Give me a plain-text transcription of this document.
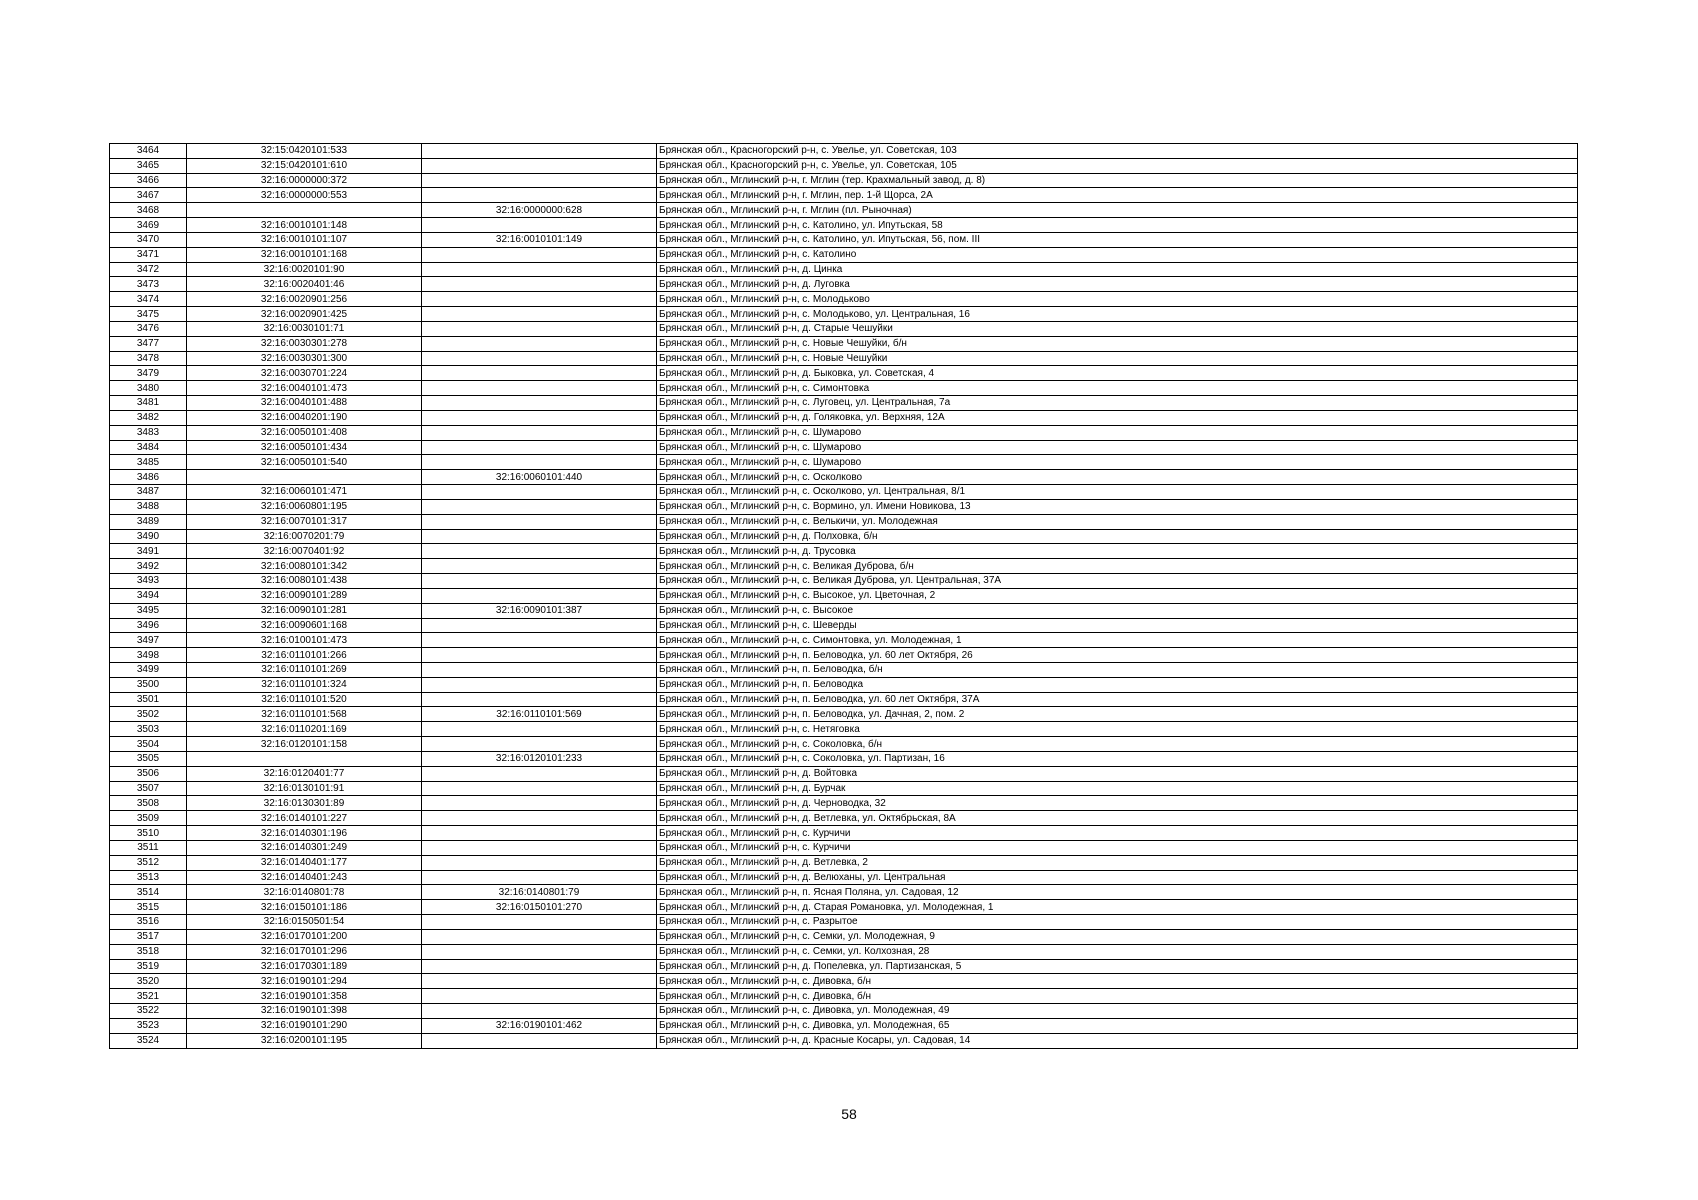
3464	32:15:0420101:533		Брянская обл., Красногорский р-н, с. Увелье, ул. Советская, 103
3465	32:15:0420101:610		Брянская обл., Красногорский р-н, с. Увелье, ул. Советская, 105
3466	32:16:0000000:372		Брянская обл., Мглинский р-н, г. Мглин (тер. Крахмальный завод, д. 8)
3467	32:16:0000000:553		Брянская обл., Мглинский р-н, г. Мглин, пер. 1-й Щорса, 2А
3468		32:16:0000000:628	Брянская обл., Мглинский р-н, г. Мглин (пл. Рыночная)
3469	32:16:0010101:148		Брянская обл., Мглинский р-н, с. Католино, ул. Ипутьская, 58
3470	32:16:0010101:107	32:16:0010101:149	Брянская обл., Мглинский р-н, с. Католино, ул. Ипутьская, 56, пом. III
3471	32:16:0010101:168		Брянская обл., Мглинский р-н, с. Католино
3472	32:16:0020101:90		Брянская обл., Мглинский р-н, д. Цинка
3473	32:16:0020401:46		Брянская обл., Мглинский р-н, д. Луговка
3474	32:16:0020901:256		Брянская обл., Мглинский р-н, с. Молодьково
3475	32:16:0020901:425		Брянская обл., Мглинский р-н, с. Молодьково, ул. Центральная, 16
3476	32:16:0030101:71		Брянская обл., Мглинский р-н, д. Старые Чешуйки
3477	32:16:0030301:278		Брянская обл., Мглинский р-н, с. Новые Чешуйки, б/н
3478	32:16:0030301:300		Брянская обл., Мглинский р-н, с. Новые Чешуйки
3479	32:16:0030701:224		Брянская обл., Мглинский р-н, д. Быковка, ул. Советская, 4
3480	32:16:0040101:473		Брянская обл., Мглинский р-н, с. Симонтовка
3481	32:16:0040101:488		Брянская обл., Мглинский р-н, с. Луговец, ул. Центральная, 7а
3482	32:16:0040201:190		Брянская обл., Мглинский р-н, д. Голяковка, ул. Верхняя, 12А
3483	32:16:0050101:408		Брянская обл., Мглинский р-н, с. Шумарово
3484	32:16:0050101:434		Брянская обл., Мглинский р-н, с. Шумарово
3485	32:16:0050101:540		Брянская обл., Мглинский р-н, с. Шумарово
3486		32:16:0060101:440	Брянская обл., Мглинский р-н, с. Осколково
3487	32:16:0060101:471		Брянская обл., Мглинский р-н, с. Осколково, ул. Центральная, 8/1
3488	32:16:0060801:195		Брянская обл., Мглинский р-н, с. Вормино, ул. Имени Новикова, 13
3489	32:16:0070101:317		Брянская обл., Мглинский р-н, с. Велькичи, ул. Молодежная
3490	32:16:0070201:79		Брянская обл., Мглинский р-н, д. Полховка, б/н
3491	32:16:0070401:92		Брянская обл., Мглинский р-н, д. Трусовка
3492	32:16:0080101:342		Брянская обл., Мглинский р-н, с. Великая Дуброва, б/н
3493	32:16:0080101:438		Брянская обл., Мглинский р-н, с. Великая Дуброва, ул. Центральная, 37А
3494	32:16:0090101:289		Брянская обл., Мглинский р-н, с. Высокое, ул. Цветочная, 2
3495	32:16:0090101:281	32:16:0090101:387	Брянская обл., Мглинский р-н, с. Высокое
3496	32:16:0090601:168		Брянская обл., Мглинский р-н, с. Шеверды
3497	32:16:0100101:473		Брянская обл., Мглинский р-н, с. Симонтовка, ул. Молодежная, 1
3498	32:16:0110101:266		Брянская обл., Мглинский р-н, п. Беловодка, ул. 60 лет Октября, 26
3499	32:16:0110101:269		Брянская обл., Мглинский р-н, п. Беловодка, б/н
3500	32:16:0110101:324		Брянская обл., Мглинский р-н, п. Беловодка
3501	32:16:0110101:520		Брянская обл., Мглинский р-н, п. Беловодка, ул. 60 лет Октября, 37А
3502	32:16:0110101:568	32:16:0110101:569	Брянская обл., Мглинский р-н, п. Беловодка, ул. Дачная, 2, пом. 2
3503	32:16:0110201:169		Брянская обл., Мглинский р-н, с. Нетяговка
3504	32:16:0120101:158		Брянская обл., Мглинский р-н, с. Соколовка, б/н
3505		32:16:0120101:233	Брянская обл., Мглинский р-н, с. Соколовка, ул. Партизан, 16
3506	32:16:0120401:77		Брянская обл., Мглинский р-н, д. Войтовка
3507	32:16:0130101:91		Брянская обл., Мглинский р-н, д. Бурчак
3508	32:16:0130301:89		Брянская обл., Мглинский р-н, д. Черноводка, 32
3509	32:16:0140101:227		Брянская обл., Мглинский р-н, д. Ветлевка, ул. Октябрьская, 8А
3510	32:16:0140301:196		Брянская обл., Мглинский р-н, с. Курчичи
3511	32:16:0140301:249		Брянская обл., Мглинский р-н, с. Курчичи
3512	32:16:0140401:177		Брянская обл., Мглинский р-н, д. Ветлевка, 2
3513	32:16:0140401:243		Брянская обл., Мглинский р-н, д. Велюханы, ул. Центральная
3514	32:16:0140801:78	32:16:0140801:79	Брянская обл., Мглинский р-н, п. Ясная Поляна, ул. Садовая, 12
3515	32:16:0150101:186	32:16:0150101:270	Брянская обл., Мглинский р-н, д. Старая Романовка, ул. Молодежная, 1
3516	32:16:0150501:54		Брянская обл., Мглинский р-н, с. Разрытое
3517	32:16:0170101:200		Брянская обл., Мглинский р-н, с. Семки, ул. Молодежная, 9
3518	32:16:0170101:296		Брянская обл., Мглинский р-н, с. Семки, ул. Колхозная, 28
3519	32:16:0170301:189		Брянская обл., Мглинский р-н, д. Попелевка, ул. Партизанская, 5
3520	32:16:0190101:294		Брянская обл., Мглинский р-н, с. Дивовка, б/н
3521	32:16:0190101:358		Брянская обл., Мглинский р-н, с. Дивовка, б/н
3522	32:16:0190101:398		Брянская обл., Мглинский р-н, с. Дивовка, ул. Молодежная, 49
3523	32:16:0190101:290	32:16:0190101:462	Брянская обл., Мглинский р-н, с. Дивовка, ул. Молодежная, 65
3524	32:16:0200101:195		Брянская обл., Мглинский р-н, д. Красные Косары, ул. Садовая, 14
58
